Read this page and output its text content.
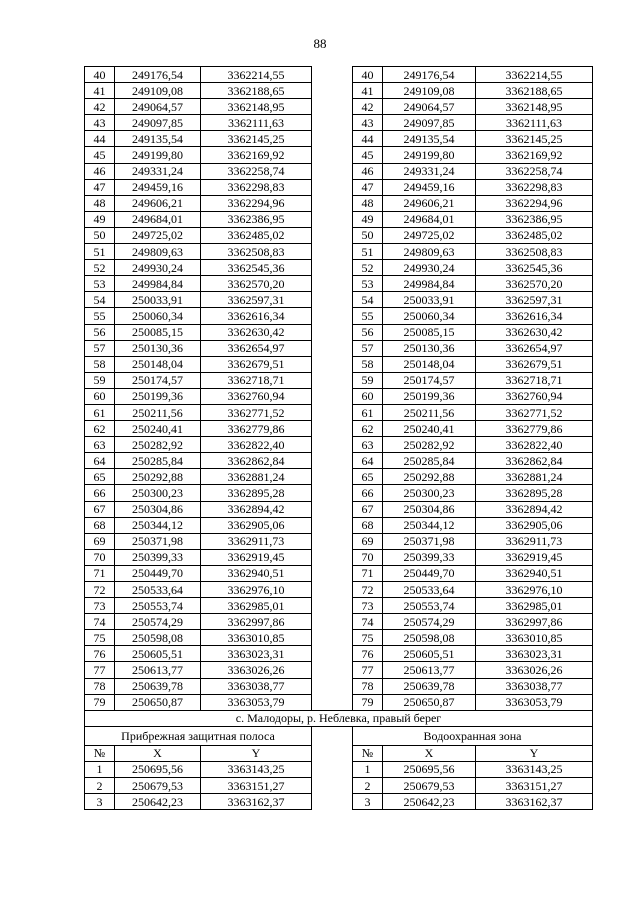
88
40	249176,54	3362214,55		40	249176,54	3362214,55
41	249109,08	3362188,65		41	249109,08	3362188,65
42	249064,57	3362148,95		42	249064,57	3362148,95
43	249097,85	3362111,63		43	249097,85	3362111,63
44	249135,54	3362145,25		44	249135,54	3362145,25
45	249199,80	3362169,92		45	249199,80	3362169,92
46	249331,24	3362258,74		46	249331,24	3362258,74
47	249459,16	3362298,83		47	249459,16	3362298,83
48	249606,21	3362294,96		48	249606,21	3362294,96
49	249684,01	3362386,95		49	249684,01	3362386,95
50	249725,02	3362485,02		50	249725,02	3362485,02
51	249809,63	3362508,83		51	249809,63	3362508,83
52	249930,24	3362545,36		52	249930,24	3362545,36
53	249984,84	3362570,20		53	249984,84	3362570,20
54	250033,91	3362597,31		54	250033,91	3362597,31
55	250060,34	3362616,34		55	250060,34	3362616,34
56	250085,15	3362630,42		56	250085,15	3362630,42
57	250130,36	3362654,97		57	250130,36	3362654,97
58	250148,04	3362679,51		58	250148,04	3362679,51
59	250174,57	3362718,71		59	250174,57	3362718,71
60	250199,36	3362760,94		60	250199,36	3362760,94
61	250211,56	3362771,52		61	250211,56	3362771,52
62	250240,41	3362779,86		62	250240,41	3362779,86
63	250282,92	3362822,40		63	250282,92	3362822,40
64	250285,84	3362862,84		64	250285,84	3362862,84
65	250292,88	3362881,24		65	250292,88	3362881,24
66	250300,23	3362895,28		66	250300,23	3362895,28
67	250304,86	3362894,42		67	250304,86	3362894,42
68	250344,12	3362905,06		68	250344,12	3362905,06
69	250371,98	3362911,73		69	250371,98	3362911,73
70	250399,33	3362919,45		70	250399,33	3362919,45
71	250449,70	3362940,51		71	250449,70	3362940,51
72	250533,64	3362976,10		72	250533,64	3362976,10
73	250553,74	3362985,01		73	250553,74	3362985,01
74	250574,29	3362997,86		74	250574,29	3362997,86
75	250598,08	3363010,85		75	250598,08	3363010,85
76	250605,51	3363023,31		76	250605,51	3363023,31
77	250613,77	3363026,26		77	250613,77	3363026,26
78	250639,78	3363038,77		78	250639,78	3363038,77
79	250650,87	3363053,79		79	250650,87	3363053,79
с. Малодоры, р. Неблевка, правый берег						
Прибрежная защитная полоса				Водоохранная зона		
№	X	Y		№	X	Y
1	250695,56	3363143,25		1	250695,56	3363143,25
2	250679,53	3363151,27		2	250679,53	3363151,27
3	250642,23	3363162,37		3	250642,23	3363162,37
